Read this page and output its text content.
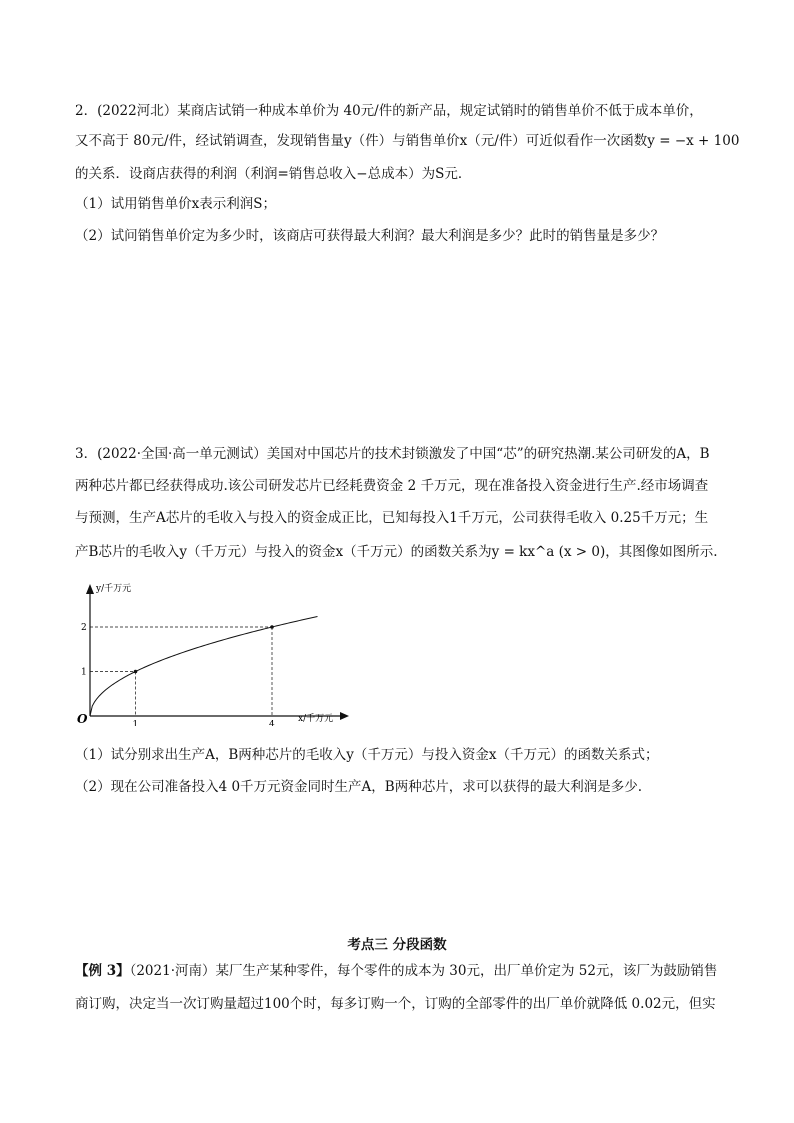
2．(2022河北）某商店试销一种成本单价为 40元/件的新产品，规定试销时的销售单价不低于成本单价，
又不高于 80元/件，经试销调查，发现销售量y（件）与销售单价x（元/件）可近似看作一次函数y = −x + 100
的关系．设商店获得的利润（利润=销售总收入−总成本）为S元．
（1）试用销售单价x表示利润S；
（2）试问销售单价定为多少时，该商店可获得最大利润？最大利润是多少？此时的销售量是多少？
3．(2022·全国·高一单元测试）美国对中国芯片的技术封锁激发了中国“芯”的研究热潮.某公司研发的A，B
两种芯片都已经获得成功.该公司研发芯片已经耗费资金 2 千万元，现在准备投入资金进行生产.经市场调查
与预测，生产A芯片的毛收入与投入的资金成正比，已知每投入1千万元，公司获得毛收入 0.25千万元；生
产B芯片的毛收入y（千万元）与投入的资金x（千万元）的函数关系为y = kx^a (x > 0)，其图像如图所示.
y/千万元
x/千万元
O	1	4
1
2
（1）试分别求出生产A，B两种芯片的毛收入y（千万元）与投入资金x（千万元）的函数关系式；
（2）现在公司准备投入4 0千万元资金同时生产A，B两种芯片，求可以获得的最大利润是多少.
考点三 分段函数
【例 3】（2021·河南）某厂生产某种零件，每个零件的成本为 30元，出厂单价定为 52元，该厂为鼓励销售
商订购，决定当一次订购量超过100个时，每多订购一个，订购的全部零件的出厂单价就降低 0.02元，但实
